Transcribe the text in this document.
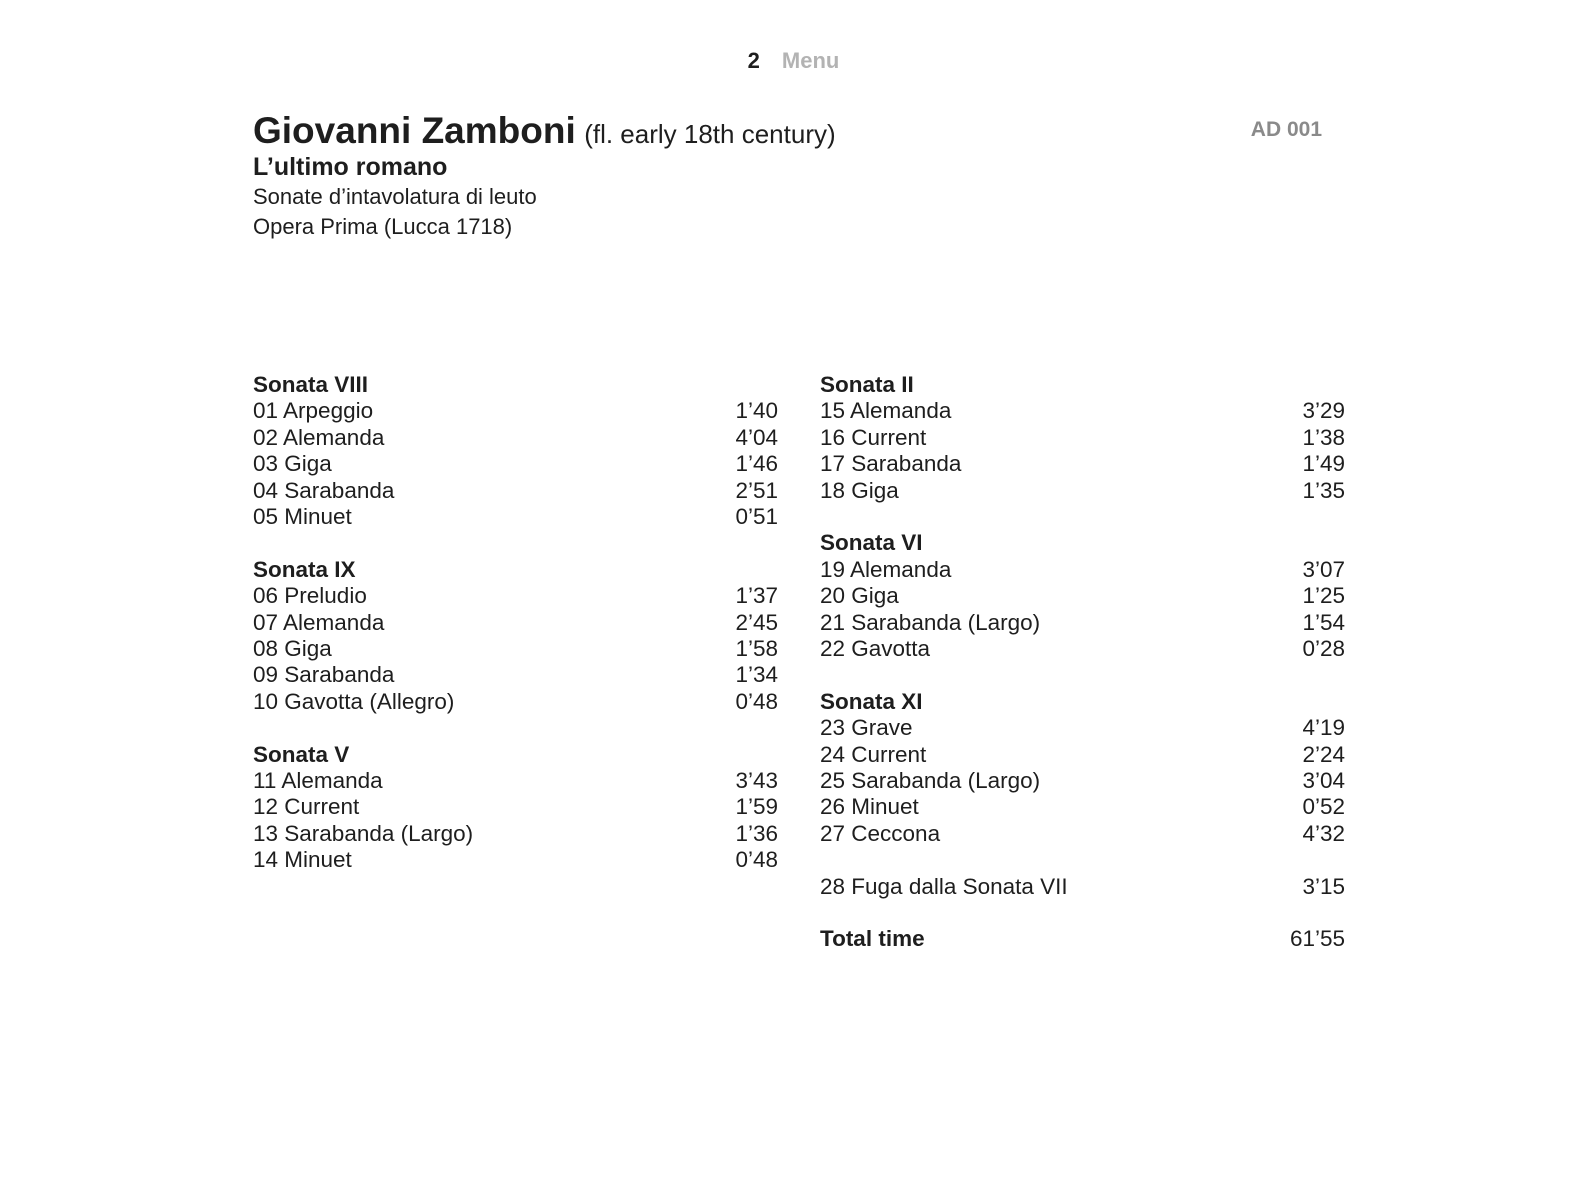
2 Menu
AD 001
Giovanni Zamboni (fl. early 18th century)
L’ultimo romano
Sonate d’intavolatura di leuto
Opera Prima (Lucca 1718)
Sonata VIII
01 Arpeggio	1’40
02 Alemanda	4’04
03 Giga	1’46
04 Sarabanda	2’51
05 Minuet	0’51
Sonata IX
06 Preludio	1’37
07 Alemanda	2’45
08 Giga	1’58
09 Sarabanda	1’34
10 Gavotta (Allegro)	0’48
Sonata V
11 Alemanda	3’43
12 Current	1’59
13 Sarabanda (Largo)	1’36
14 Minuet	0’48
Sonata II
15 Alemanda	3’29
16 Current	1’38
17 Sarabanda	1’49
18 Giga	1’35
Sonata VI
19 Alemanda	3’07
20 Giga	1’25
21 Sarabanda (Largo)	1’54
22 Gavotta	0’28
Sonata XI
23 Grave	4’19
24 Current	2’24
25 Sarabanda (Largo)	3’04
26 Minuet	0’52
27 Ceccona	4’32
28 Fuga dalla Sonata VII	3’15
Total time	61’55
